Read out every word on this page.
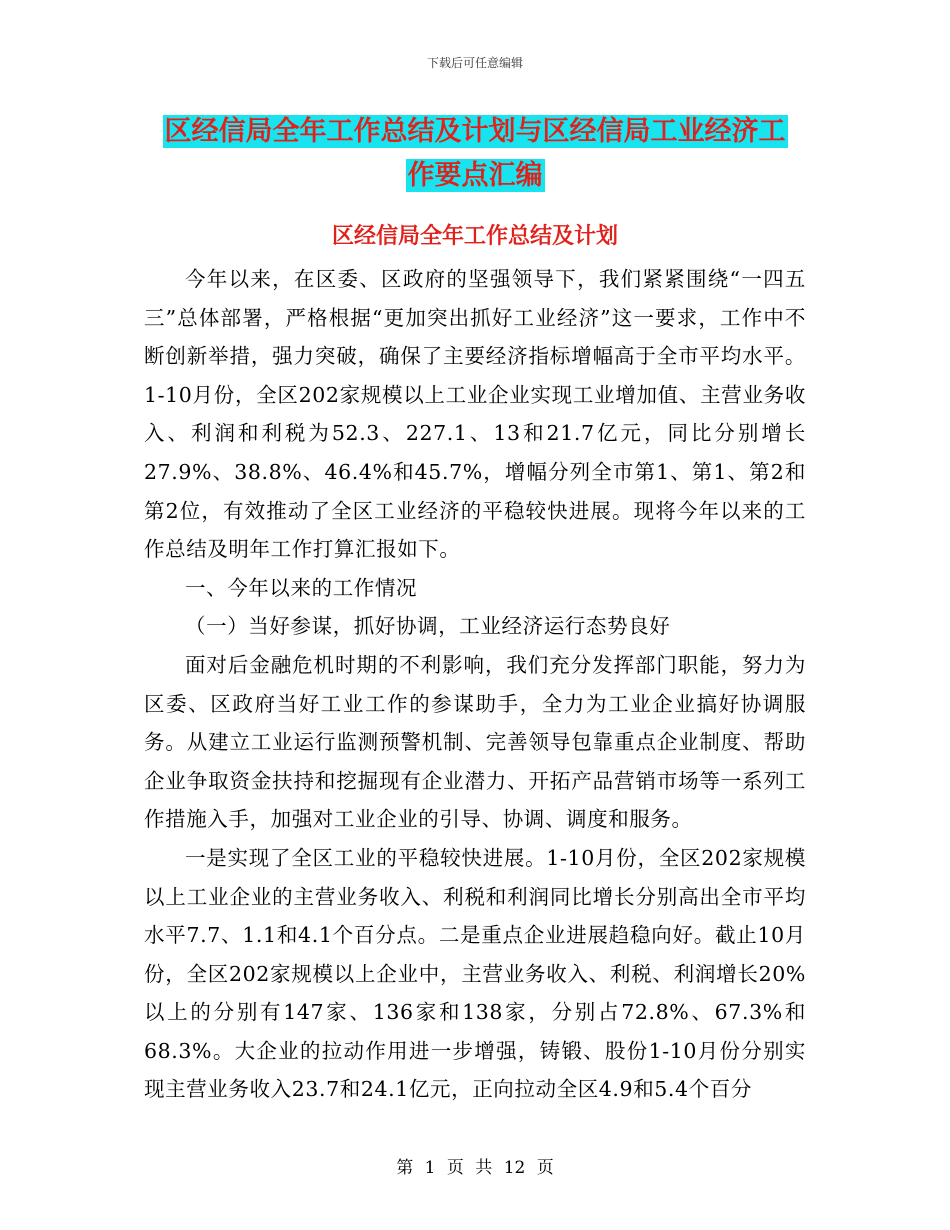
下载后可任意编辑
区经信局全年工作总结及计划与区经信局工业经济工
作要点汇编
区经信局全年工作总结及计划

今年以来，在区委、区政府的坚强领导下，我们紧紧围绕“一四五三”总体部署，严格根据“更加突出抓好工业经济”这一要求，工作中不断创新举措，强力突破，确保了主要经济指标增幅高于全市平均水平。1-10月份，全区202家规模以上工业企业实现工业增加值、主营业务收入、利润和利税为52.3、227.1、13和21.7亿元，同比分别增长27.9%、38.8%、46.4%和45.7%，增幅分列全市第1、第1、第2和第2位，有效推动了全区工业经济的平稳较快进展。现将今年以来的工作总结及明年工作打算汇报如下。

一、今年以来的工作情况

（一）当好参谋，抓好协调，工业经济运行态势良好

面对后金融危机时期的不利影响，我们充分发挥部门职能，努力为区委、区政府当好工业工作的参谋助手，全力为工业企业搞好协调服务。从建立工业运行监测预警机制、完善领导包靠重点企业制度、帮助企业争取资金扶持和挖掘现有企业潜力、开拓产品营销市场等一系列工作措施入手，加强对工业企业的引导、协调、调度和服务。

一是实现了全区工业的平稳较快进展。1-10月份，全区202家规模以上工业企业的主营业务收入、利税和利润同比增长分别高出全市平均水平7.7、1.1和4.1个百分点。二是重点企业进展趋稳向好。截止10月份，全区202家规模以上企业中，主营业务收入、利税、利润增长20%以上的分别有147家、136家和138家，分别占72.8%、67.3%和68.3%。大企业的拉动作用进一步增强，铸锻、股份1-10月份分别实现主营业务收入23.7和24.1亿元，正向拉动全区4.9和5.4个百分

第 1 页 共 12 页
